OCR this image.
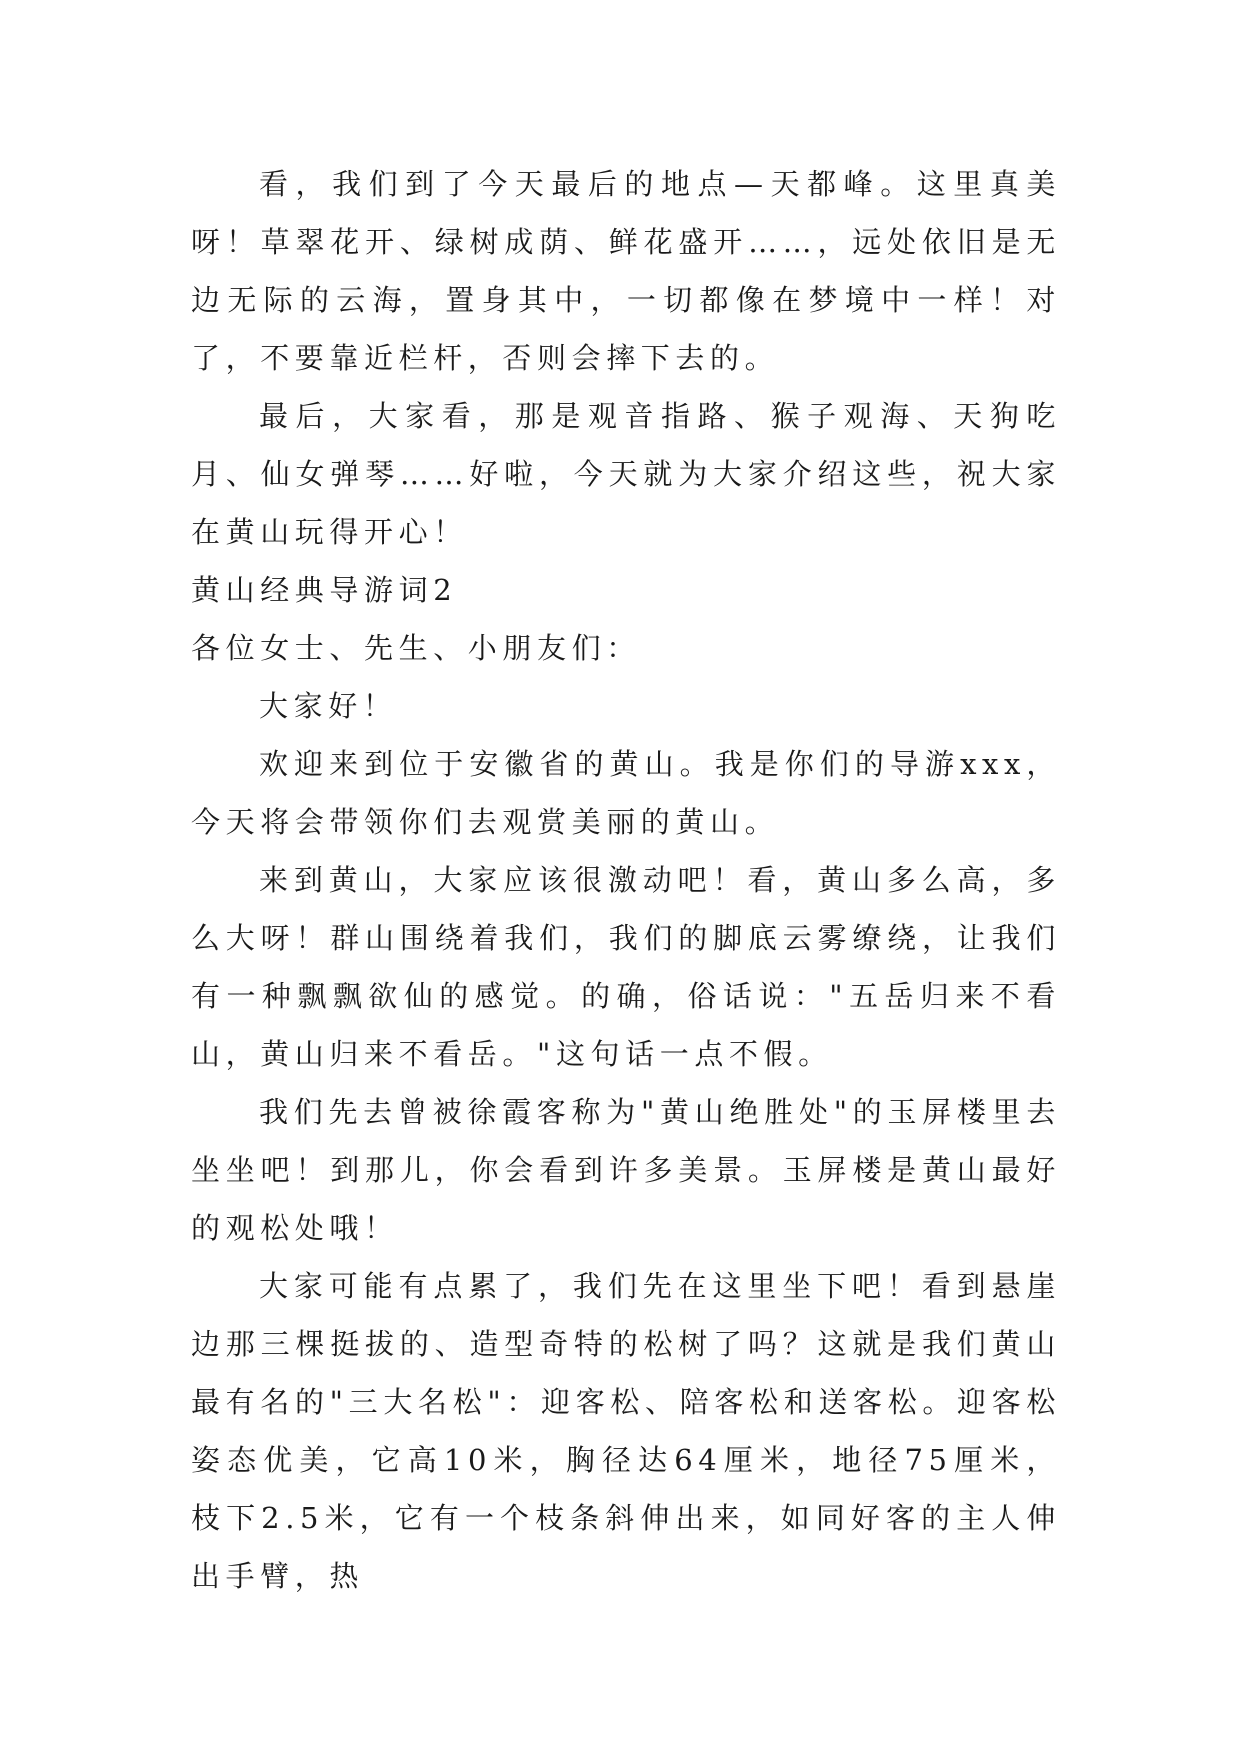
看，我们到了今天最后的地点—天都峰。这里真美呀！草翠花开、绿树成荫、鲜花盛开……，远处依旧是无边无际的云海，置身其中，一切都像在梦境中一样！对了，不要靠近栏杆，否则会摔下去的。

最后，大家看，那是观音指路、猴子观海、天狗吃月、仙女弹琴……好啦，今天就为大家介绍这些，祝大家在黄山玩得开心！

黄山经典导游词2

各位女士、先生、小朋友们：

大家好！

欢迎来到位于安徽省的黄山。我是你们的导游xxx，今天将会带领你们去观赏美丽的黄山。

来到黄山，大家应该很激动吧！看，黄山多么高，多么大呀！群山围绕着我们，我们的脚底云雾缭绕，让我们有一种飘飘欲仙的感觉。的确，俗话说："五岳归来不看山，黄山归来不看岳。"这句话一点不假。

我们先去曾被徐霞客称为"黄山绝胜处"的玉屏楼里去坐坐吧！到那儿，你会看到许多美景。玉屏楼是黄山最好的观松处哦！

大家可能有点累了，我们先在这里坐下吧！看到悬崖边那三棵挺拔的、造型奇特的松树了吗？这就是我们黄山最有名的"三大名松"：迎客松、陪客松和送客松。迎客松姿态优美，它高10米，胸径达64厘米，地径75厘米，枝下2.5米，它有一个枝条斜伸出来，如同好客的主人伸出手臂，热
